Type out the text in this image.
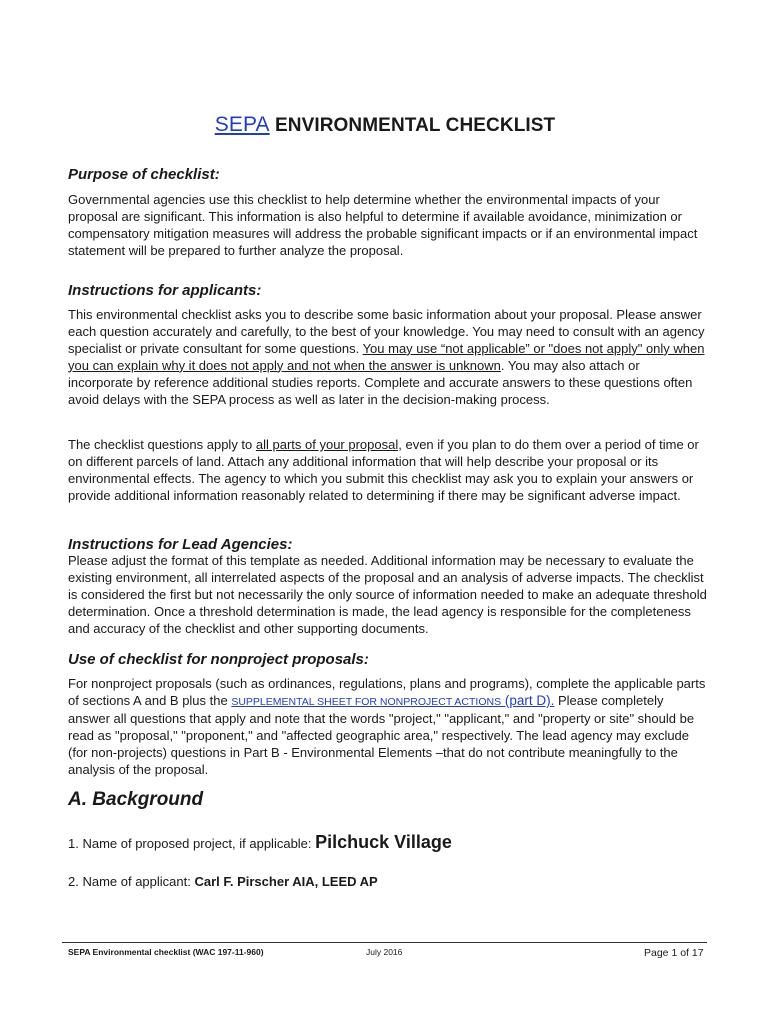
SEPA ENVIRONMENTAL CHECKLIST

Purpose of checklist:

Governmental agencies use this checklist to help determine whether the environmental impacts of your proposal are significant. This information is also helpful to determine if available avoidance, minimization or compensatory mitigation measures will address the probable significant impacts or if an environmental impact statement will be prepared to further analyze the proposal.

Instructions for applicants:

This environmental checklist asks you to describe some basic information about your proposal. Please answer each question accurately and carefully, to the best of your knowledge. You may need to consult with an agency specialist or private consultant for some questions. You may use “not applicable” or "does not apply" only when you can explain why it does not apply and not when the answer is unknown. You may also attach or incorporate by reference additional studies reports. Complete and accurate answers to these questions often avoid delays with the SEPA process as well as later in the decision-making process.

The checklist questions apply to all parts of your proposal, even if you plan to do them over a period of time or on different parcels of land. Attach any additional information that will help describe your proposal or its environmental effects. The agency to which you submit this checklist may ask you to explain your answers or provide additional information reasonably related to determining if there may be significant adverse impact.

Instructions for Lead Agencies:

Please adjust the format of this template as needed. Additional information may be necessary to evaluate the existing environment, all interrelated aspects of the proposal and an analysis of adverse impacts. The checklist is considered the first but not necessarily the only source of information needed to make an adequate threshold determination. Once a threshold determination is made, the lead agency is responsible for the completeness and accuracy of the checklist and other supporting documents.

Use of checklist for nonproject proposals:

For nonproject proposals (such as ordinances, regulations, plans and programs), complete the applicable parts of sections A and B plus the SUPPLEMENTAL SHEET FOR NONPROJECT ACTIONS (part D). Please completely answer all questions that apply and note that the words "project," "applicant," and "property or site" should be read as "proposal," "proponent," and "affected geographic area," respectively. The lead agency may exclude (for non-projects) questions in Part B - Environmental Elements –that do not contribute meaningfully to the analysis of the proposal.

A. Background
1. Name of proposed project, if applicable: Pilchuck Village
2. Name of applicant: Carl F. Pirscher AIA, LEED AP
SEPA Environmental checklist (WAC 197-11-960)	July 2016	Page 1 of 17
